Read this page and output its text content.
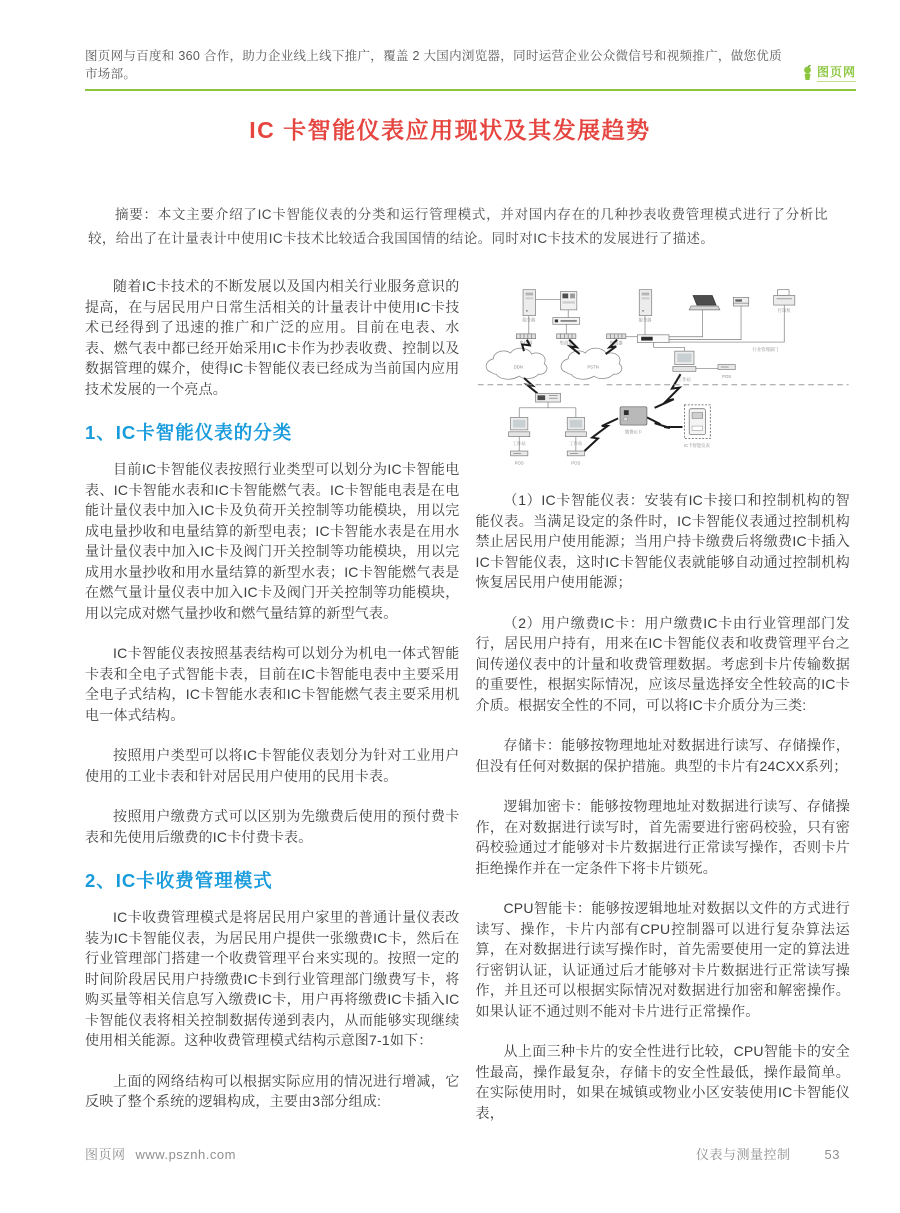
图页网与百度和 360 合作，助力企业线上线下推广，覆盖 2 大国内浏览器，同时运营企业公众微信号和视频推广，做您优质市场部。	图页网
IC 卡智能仪表应用现状及其发展趋势
摘要：本文主要介绍了IC卡智能仪表的分类和运行管理模式，并对国内存在的几种抄表收费管理模式进行了分析比较，给出了在计量表计中使用IC卡技术比较适合我国国情的结论。同时对IC卡技术的发展进行了描述。

随着IC卡技术的不断发展以及国内相关行业服务意识的提高，在与居民用户日常生活相关的计量表计中使用IC卡技术已经得到了迅速的推广和广泛的应用。目前在电表、水表、燃气表中都已经开始采用IC卡作为抄表收费、控制以及数据管理的媒介，使得IC卡智能仪表已经成为当前国内应用技术发展的一个亮点。

1、IC卡智能仪表的分类

目前IC卡智能仪表按照行业类型可以划分为IC卡智能电表、IC卡智能水表和IC卡智能燃气表。IC卡智能电表是在电能计量仪表中加入IC卡及负荷开关控制等功能模块，用以完成电量抄收和电量结算的新型电表；IC卡智能水表是在用水量计量仪表中加入IC卡及阀门开关控制等功能模块，用以完成用水量抄收和用水量结算的新型水表；IC卡智能燃气表是在燃气量计量仪表中加入IC卡及阀门开关控制等功能模块，用以完成对燃气量抄收和燃气量结算的新型气表。

IC卡智能仪表按照基表结构可以划分为机电一体式智能卡表和全电子式智能卡表，目前在IC卡智能电表中主要采用全电子式结构，IC卡智能水表和IC卡智能燃气表主要采用机电一体式结构。

按照用户类型可以将IC卡智能仪表划分为针对工业用户使用的工业卡表和针对居民用户使用的民用卡表。

按照用户缴费方式可以区别为先缴费后使用的预付费卡表和先使用后缴费的IC卡付费卡表。

2、IC卡收费管理模式

IC卡收费管理模式是将居民用户家里的普通计量仪表改装为IC卡智能仪表，为居民用户提供一张缴费IC卡，然后在行业管理部门搭建一个收费管理平台来实现的。按照一定的时间阶段居民用户持缴费IC卡到行业管理部门缴费写卡，将购买量等相关信息写入缴费IC卡，用户再将缴费IC卡插入IC卡智能仪表将相关控制数据传递到表内，从而能够实现继续使用相关能源。这种收费管理模式结构示意图7-1如下：

上面的网络结构可以根据实际应用的情况进行增减，它反映了整个系统的逻辑构成，主要由3部分组成:

服务器
集线器	集线器	集线器
DDN	PSTN
服务器
打印机
行业管理部门
工作站
POS
工作站
POS
工作站
POS
缴费IC卡
IC卡智能仪表

（1）IC卡智能仪表：安装有IC卡接口和控制机构的智能仪表。当满足设定的条件时，IC卡智能仪表通过控制机构禁止居民用户使用能源；当用户持卡缴费后将缴费IC卡插入IC卡智能仪表，这时IC卡智能仪表就能够自动通过控制机构恢复居民用户使用能源；

（2）用户缴费IC卡：用户缴费IC卡由行业管理部门发行，居民用户持有，用来在IC卡智能仪表和收费管理平台之间传递仪表中的计量和收费管理数据。考虑到卡片传输数据的重要性，根据实际情况，应该尽量选择安全性较高的IC卡介质。根据安全性的不同，可以将IC卡介质分为三类:

存储卡：能够按物理地址对数据进行读写、存储操作，但没有任何对数据的保护措施。典型的卡片有24CXX系列；

逻辑加密卡：能够按物理地址对数据进行读写、存储操作，在对数据进行读写时，首先需要进行密码校验，只有密码校验通过才能够对卡片数据进行正常读写操作，否则卡片拒绝操作并在一定条件下将卡片锁死。

CPU智能卡：能够按逻辑地址对数据以文件的方式进行读写、操作，卡片内部有CPU控制器可以进行复杂算法运算，在对数据进行读写操作时，首先需要使用一定的算法进行密钥认证，认证通过后才能够对卡片数据进行正常读写操作，并且还可以根据实际情况对数据进行加密和解密操作。如果认证不通过则不能对卡片进行正常操作。

从上面三种卡片的安全性进行比较，CPU智能卡的安全性最高，操作最复杂，存储卡的安全性最低，操作最简单。在实际使用时，如果在城镇或物业小区安装使用IC卡智能仪表，

图页网 www.psznh.com	仪表与测量控制	53
